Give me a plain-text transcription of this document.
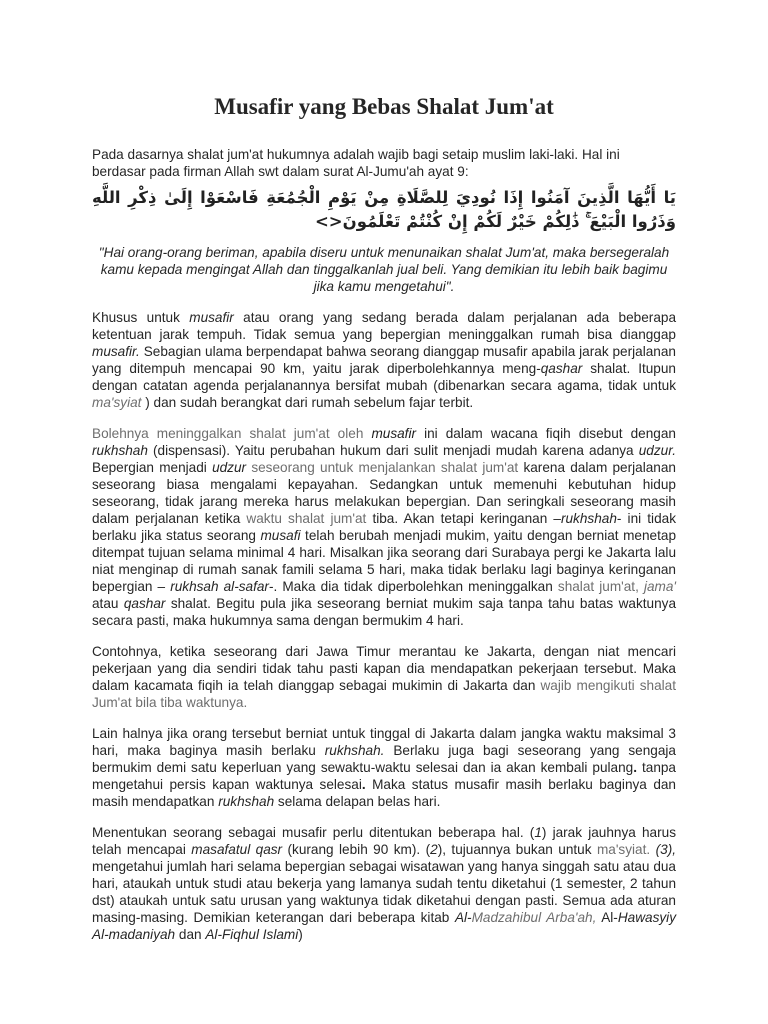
Musafir yang Bebas Shalat Jum'at

Pada dasarnya shalat jum'at hukumnya adalah wajib bagi setaip muslim laki-laki. Hal ini berdasar pada firman Allah swt dalam surat Al-Jumu'ah ayat 9:

يَا أَيُّهَا الَّذِينَ آمَنُوا إِذَا نُودِيَ لِلصَّلَاةِ مِنْ يَوْمِ الْجُمُعَةِ فَاسْعَوْا إِلَىٰ ذِكْرِ اللَّهِ وَذَرُوا الْبَيْعَ ۚ ذَٰلِكُمْ خَيْرٌ لَكُمْ إِنْ كُنْتُمْ تَعْلَمُونَ<>

"Hai orang-orang beriman, apabila diseru untuk menunaikan shalat Jum'at, maka bersegeralah kamu kepada mengingat Allah dan tinggalkanlah jual beli. Yang demikian itu lebih baik bagimu jika kamu mengetahui".

Khusus untuk musafir atau orang yang sedang berada dalam perjalanan ada beberapa ketentuan jarak tempuh. Tidak semua yang bepergian meninggalkan rumah bisa dianggap musafir. Sebagian ulama berpendapat bahwa seorang dianggap musafir apabila jarak perjalanan yang ditempuh mencapai 90 km, yaitu jarak diperbolehkannya meng-qashar shalat. Itupun dengan catatan agenda perjalanannya bersifat mubah (dibenarkan secara agama, tidak untuk ma'syiat ) dan sudah berangkat dari rumah sebelum fajar terbit.

Bolehnya meninggalkan shalat jum'at oleh musafir ini dalam wacana fiqih disebut dengan rukhshah (dispensasi). Yaitu perubahan hukum dari sulit menjadi mudah karena adanya udzur. Bepergian menjadi udzur seseorang untuk menjalankan shalat jum'at karena dalam perjalanan seseorang biasa mengalami kepayahan. Sedangkan untuk memenuhi kebutuhan hidup seseorang, tidak jarang mereka harus melakukan bepergian. Dan seringkali seseorang masih dalam perjalanan ketika waktu shalat jum'at tiba. Akan tetapi keringanan –rukhshah- ini tidak berlaku jika status seorang musafi telah berubah menjadi mukim, yaitu dengan berniat menetap ditempat tujuan selama minimal 4 hari. Misalkan jika seorang dari Surabaya pergi ke Jakarta lalu niat menginap di rumah sanak famili selama 5 hari, maka tidak berlaku lagi baginya keringanan bepergian – rukhsah al-safar-. Maka dia tidak diperbolehkan meninggalkan shalat jum'at, jama' atau qashar shalat. Begitu pula jika seseorang berniat mukim saja tanpa tahu batas waktunya secara pasti, maka hukumnya sama dengan bermukim 4 hari.

Contohnya, ketika seseorang dari Jawa Timur merantau ke Jakarta, dengan niat mencari pekerjaan yang dia sendiri tidak tahu pasti kapan dia mendapatkan pekerjaan tersebut. Maka dalam kacamata fiqih ia telah dianggap sebagai mukimin di Jakarta dan wajib mengikuti shalat Jum'at bila tiba waktunya.

Lain halnya jika orang tersebut berniat untuk tinggal di Jakarta dalam jangka waktu maksimal 3 hari, maka baginya masih berlaku rukhshah. Berlaku juga bagi seseorang yang sengaja bermukim demi satu keperluan yang sewaktu-waktu selesai dan ia akan kembali pulang. tanpa mengetahui persis kapan waktunya selesai. Maka status musafir masih berlaku baginya dan masih mendapatkan rukhshah selama delapan belas hari.

Menentukan seorang sebagai musafir perlu ditentukan beberapa hal. (1) jarak jauhnya harus telah mencapai masafatul qasr (kurang lebih 90 km). (2), tujuannya bukan untuk ma'syiat. (3), mengetahui jumlah hari selama bepergian sebagai wisatawan yang hanya singgah satu atau dua hari, ataukah untuk studi atau bekerja yang lamanya sudah tentu diketahui (1 semester, 2 tahun dst) ataukah untuk satu urusan yang waktunya tidak diketahui dengan pasti. Semua ada aturan masing-masing. Demikian keterangan dari beberapa kitab Al-Madzahibul Arba'ah, Al-Hawasyiy Al-madaniyah dan Al-Fiqhul Islami)
